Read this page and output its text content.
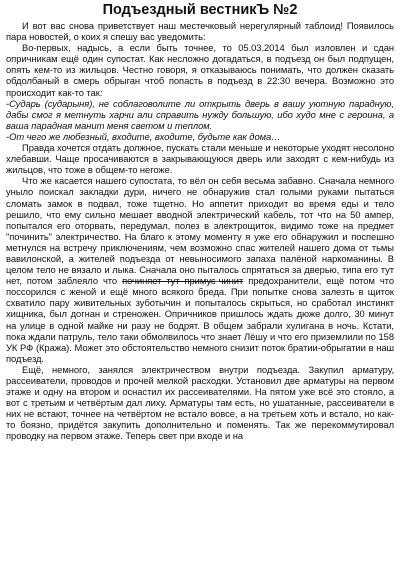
Подъездный вестникЪ №2

И вот вас снова приветствует наш местечковый нерегулярный таблоид! Появилось пара новостей, о коих я спешу вас уведомить:

Во-первых, надысь, а если быть точнее, то 05.03.2014 был изловлен и сдан опричникам ещё один супостат. Как несложно догадаться, в подъезд он был подпущен, опять кем-то из жильцов. Честно говоря, я отказываюсь понимать, что должен сказать обдолбаный в смерь обрыган чтоб попасть в подъезд в 22:30 вечера. Возможно это происходит как-то так:

-Сударь (сударыня), не соблаговолите ли открыть дверь в вашу уютную парадную, дабы смог я метнуть харчи али справить нужду большую, ибо худо мне с героина, а ваша парадная манит меня светом и теплом.

-От чего же любезный, входите, входите, будьте как дома…

Правда хочется отдать должное, пускать стали меньше и некоторые уходят несолоно хлебавши. Чаще просачиваются в закрывающуюся дверь или заходят с кем-нибудь из жильцов, что тоже в общем-то негоже.

Что же касается нашего супостата, то вёл он себя весьма забавно. Сначала немного уныло поискал закладки дури, ничего не обнаружив стал голыми руками пытаться сломать замок в подвал, тоже тщетно. Но аппетит приходит во время еды и тело решило, что ему сильно мешает вводной электрический кабель, тот что на 50 ампер, попытался его оторвать, передумал, полез в электрощиток, видимо тоже на предмет "починить" электричество. На благо к этому моменту я уже его обнаружил и поспешно метнулся на встречу приключениям, чем возможно спас жителей нашего дома от тьмы вавилонской, а жителей подъезда от невыносимого запаха палёной наркоманины. В целом тело не вязало и лыка. Сначала оно пыталось спрятаться за дверью, типа его тут нет, потом заблеяло что починяет тут примус-чинит предохранители, ещё потом что поссорился с женой и ещё много всякого бреда. При попытке снова залезть в щиток схватило пару живительных зуботычин и попыталось скрыться, но сработал инстинкт хищника, был догнан и стреножен. Опричников пришлось ждать дюже долго, 30 минут на улице в одной майке ни разу не бодрят. В общем забрали хулигана в ночь. Кстати, пока ждали патруль, тело таки обмолвилось что знает Лёшу и что его приземлили по 158 УК РФ (Кража). Может это обстоятельство немного снизит поток братии-обрыгатии в наш подъезд.

Ещё, немного, занялся электричеством внутри подъезда. Закупил арматуру, рассеиватели, проводов и прочей мелкой расходки. Установил две арматуры на первом этаже и одну на втором и оснастил их рассеивателями. На пятом уже всё это стояло, а вот с третьим и четвёртым дал лиху. Арматуры там есть, но ушатанные, рассеиватели в них не встают, точнее на четвёртом не встало вовсе, а на третьем хоть и встало, но как-то боязно, придётся закупить дополнительно и поменять. Так же перекоммутировал проводку на первом этаже. Теперь свет при входе и на
